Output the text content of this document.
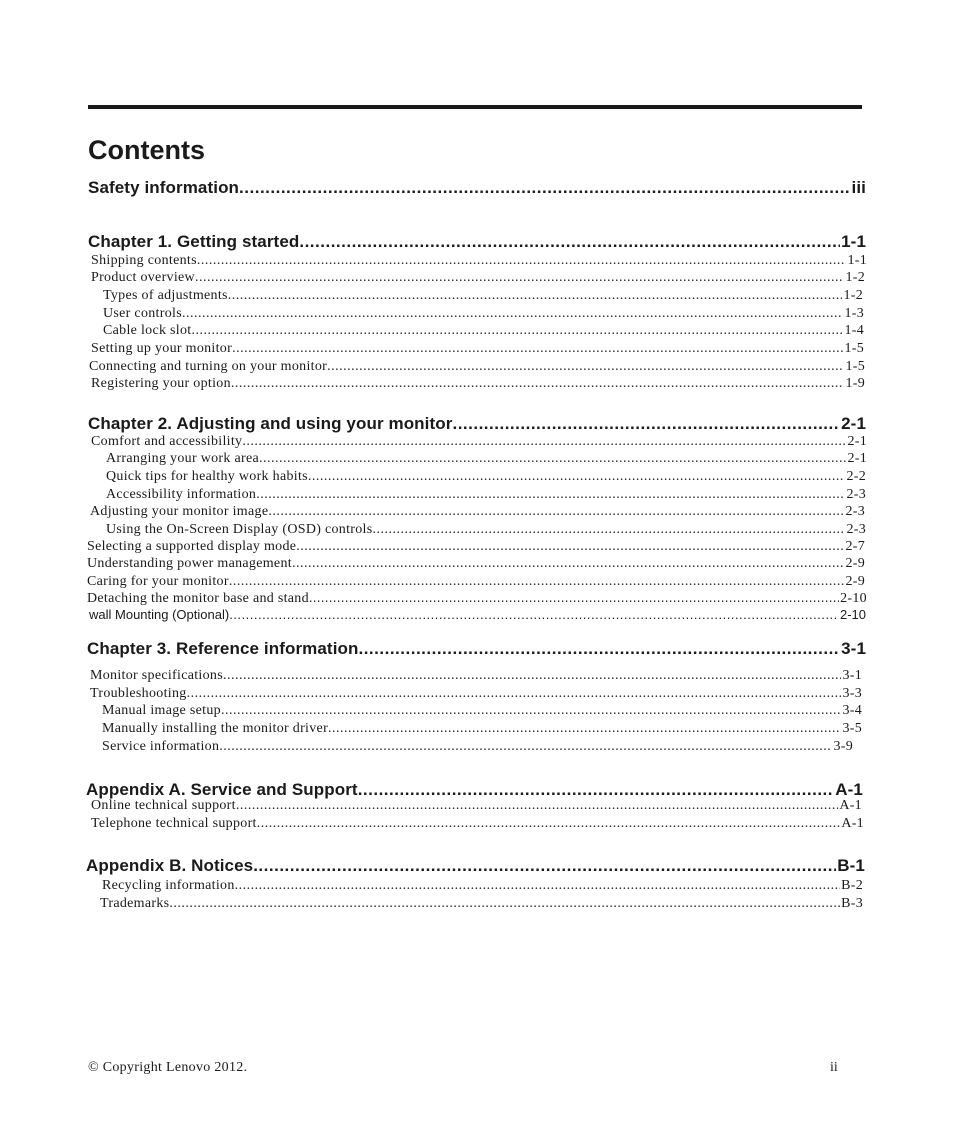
Contents
Safety information .....	iii
Chapter 1. Getting started .....	1-1
Shipping contents .....	1-1
Product overview .....	1-2
Types of adjustments .....	1-2
User controls .....	1-3
Cable lock slot .....	1-4
Setting up your monitor .....	1-5
Connecting and turning on your monitor .....	1-5
Registering your option .....	1-9
Chapter 2. Adjusting and using your monitor .....	2-1
Comfort and accessibility .....	2-1
Arranging your work area .....	2-1
Quick tips for healthy work habits .....	2-2
Accessibility information .....	2-3
Adjusting your monitor image .....	2-3
Using the On-Screen Display (OSD) controls .....	2-3
Selecting a supported display mode .....	2-7
Understanding power management .....	2-9
Caring for your monitor .....	2-9
Detaching the monitor base and stand .....	2-10
wall Mounting (Optional) .....	2-10
Chapter 3. Reference information .....	3-1
Monitor specifications .....	3-1
Troubleshooting .....	3-3
Manual image setup .....	3-4
Manually installing the monitor driver .....	3-5
Service information .....	3-9
Appendix A. Service and Support .....	A-1
Online technical support .....	A-1
Telephone technical support .....	A-1
Appendix B. Notices .....	B-1
Recycling information .....	B-2
Trademarks .....	B-3
© Copyright Lenovo 2012.	ii
